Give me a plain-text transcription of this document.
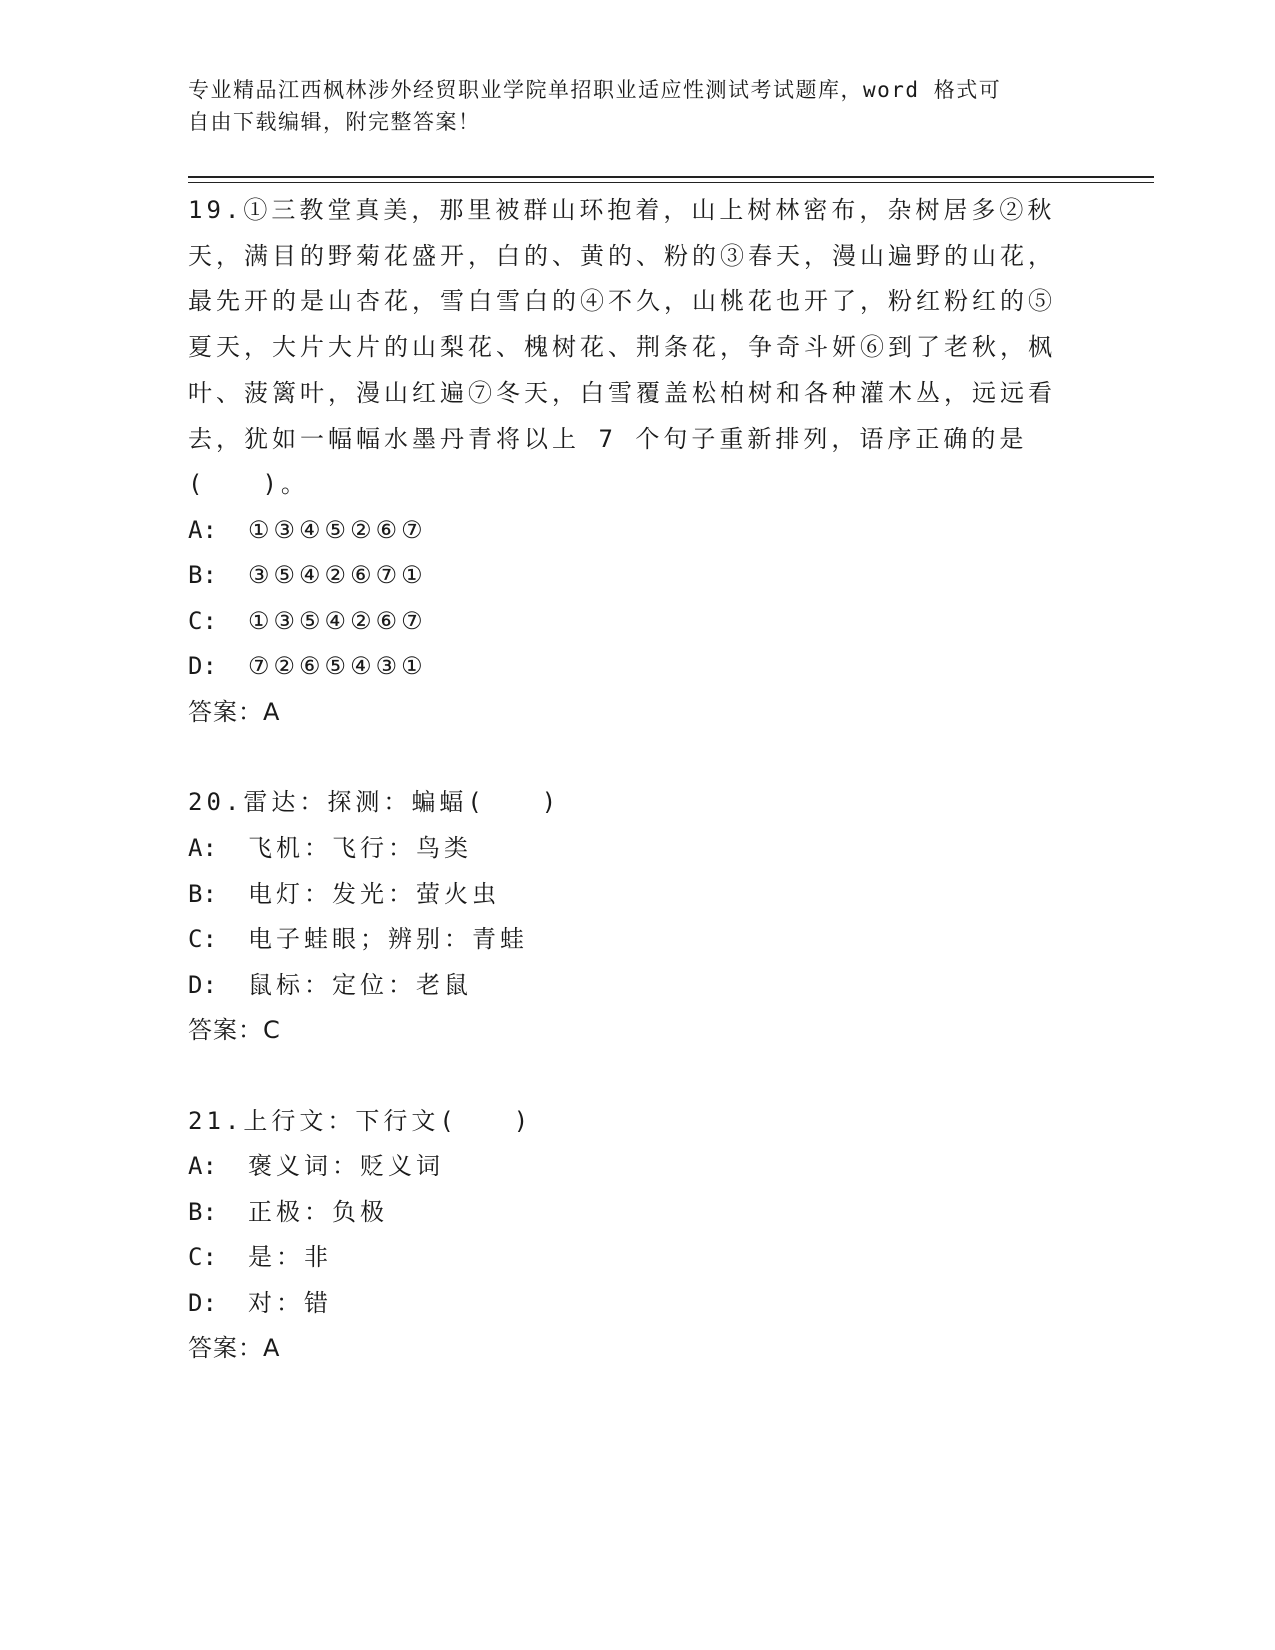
专业精品江西枫林涉外经贸职业学院单招职业适应性测试考试题库，word 格式可
自由下载编辑，附完整答案！

19.①三教堂真美，那里被群山环抱着，山上树林密布，杂树居多②秋天，满目的野菊花盛开，白的、黄的、粉的③春天，漫山遍野的山花，最先开的是山杏花，雪白雪白的④不久，山桃花也开了，粉红粉红的⑤夏天，大片大片的山梨花、槐树花、荆条花，争奇斗妍⑥到了老秋，枫叶、菠篱叶，漫山红遍⑦冬天，白雪覆盖松柏树和各种灌木丛，远远看去，犹如一幅幅水墨丹青将以上 7 个句子重新排列，语序正确的是(　　)。

A: ①③④⑤②⑥⑦

B: ③⑤④②⑥⑦①

C: ①③⑤④②⑥⑦

D: ⑦②⑥⑤④③①

答案：A

20.雷达：探测：蝙蝠(　　)

A: 飞机：飞行：鸟类

B: 电灯：发光：萤火虫

C: 电子蛙眼；辨别：青蛙

D: 鼠标：定位：老鼠

答案：C

21.上行文：下行文(　　)

A: 褒义词：贬义词

B: 正极：负极

C: 是：非

D: 对：错

答案：A
